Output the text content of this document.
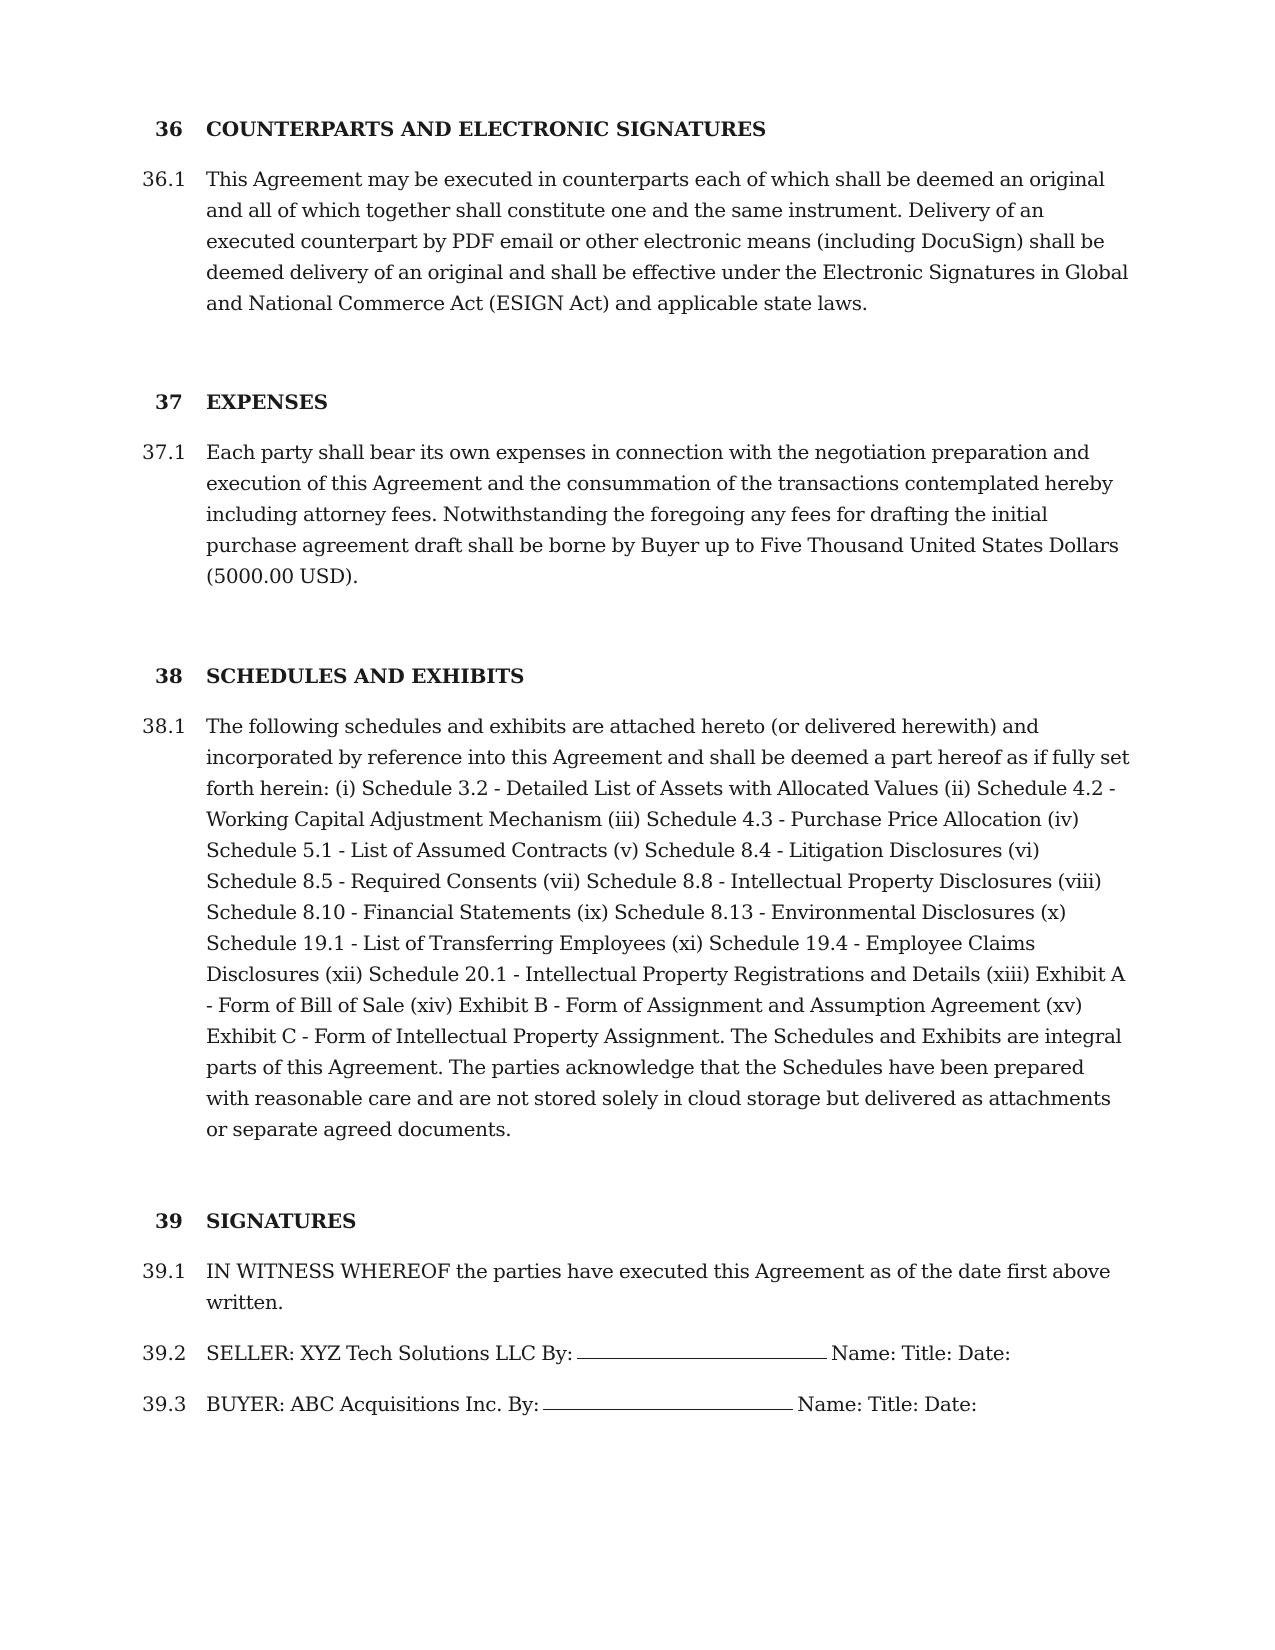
36 COUNTERPARTS AND ELECTRONIC SIGNATURES
36.1 This Agreement may be executed in counterparts each of which shall be deemed an original and all of which together shall constitute one and the same instrument. Delivery of an executed counterpart by PDF email or other electronic means (including DocuSign) shall be deemed delivery of an original and shall be effective under the Electronic Signatures in Global and National Commerce Act (ESIGN Act) and applicable state laws.
37 EXPENSES
37.1 Each party shall bear its own expenses in connection with the negotiation preparation and execution of this Agreement and the consummation of the transactions contemplated hereby including attorney fees. Notwithstanding the foregoing any fees for drafting the initial purchase agreement draft shall be borne by Buyer up to Five Thousand United States Dollars (5000.00 USD).
38 SCHEDULES AND EXHIBITS
38.1 The following schedules and exhibits are attached hereto (or delivered herewith) and incorporated by reference into this Agreement and shall be deemed a part hereof as if fully set forth herein: (i) Schedule 3.2 - Detailed List of Assets with Allocated Values (ii) Schedule 4.2 - Working Capital Adjustment Mechanism (iii) Schedule 4.3 - Purchase Price Allocation (iv) Schedule 5.1 - List of Assumed Contracts (v) Schedule 8.4 - Litigation Disclosures (vi) Schedule 8.5 - Required Consents (vii) Schedule 8.8 - Intellectual Property Disclosures (viii) Schedule 8.10 - Financial Statements (ix) Schedule 8.13 - Environmental Disclosures (x) Schedule 19.1 - List of Transferring Employees (xi) Schedule 19.4 - Employee Claims Disclosures (xii) Schedule 20.1 - Intellectual Property Registrations and Details (xiii) Exhibit A - Form of Bill of Sale (xiv) Exhibit B - Form of Assignment and Assumption Agreement (xv) Exhibit C - Form of Intellectual Property Assignment. The Schedules and Exhibits are integral parts of this Agreement. The parties acknowledge that the Schedules have been prepared with reasonable care and are not stored solely in cloud storage but delivered as attachments or separate agreed documents.
39 SIGNATURES
39.1 IN WITNESS WHEREOF the parties have executed this Agreement as of the date first above written.
39.2 SELLER: XYZ Tech Solutions LLC By:	Name: Title: Date:
39.3 BUYER: ABC Acquisitions Inc. By:	Name: Title: Date:
